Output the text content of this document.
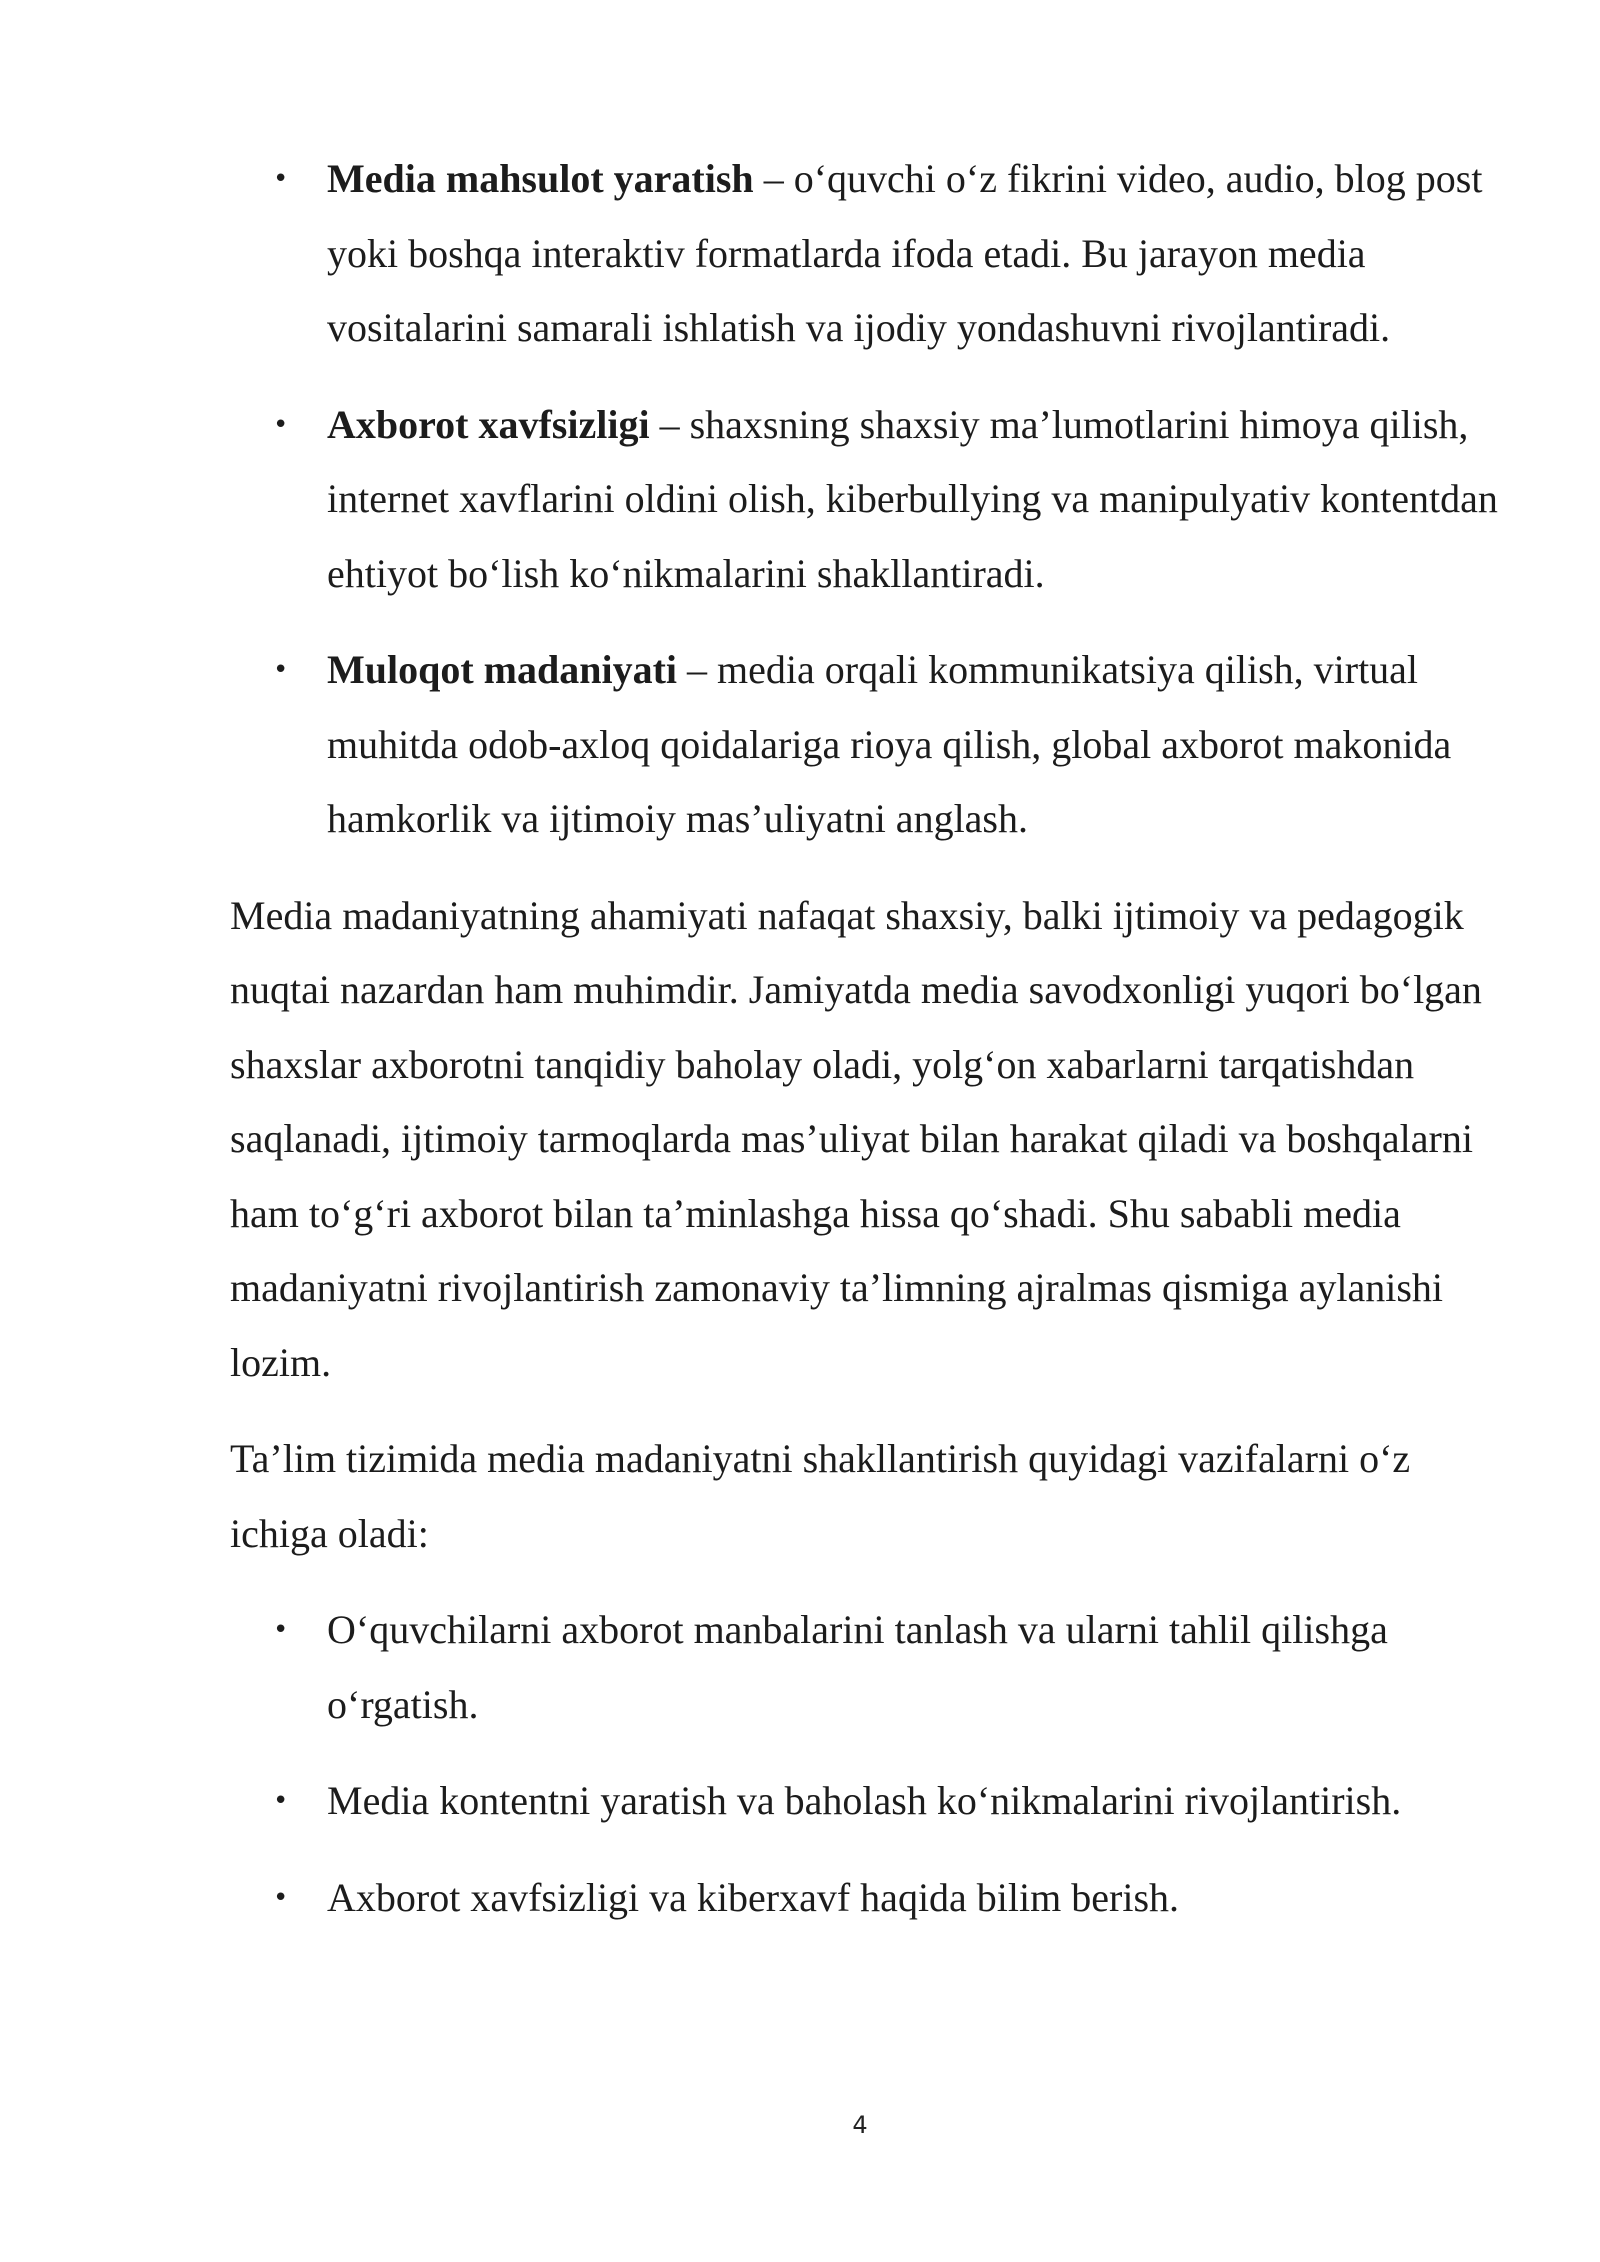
• Media mahsulot yaratish – o‘quvchi o‘z fikrini video, audio, blog post yoki boshqa interaktiv formatlarda ifoda etadi. Bu jarayon media vositalarini samarali ishlatish va ijodiy yondashuvni rivojlantiradi.
• Axborot xavfsizligi – shaxsning shaxsiy ma’lumotlarini himoya qilish, internet xavflarini oldini olish, kiberbullying va manipulyativ kontentdan ehtiyot bo‘lish ko‘nikmalarini shakllantiradi.
• Muloqot madaniyati – media orqali kommunikatsiya qilish, virtual muhitda odob-axloq qoidalariga rioya qilish, global axborot makonida hamkorlik va ijtimoiy mas’uliyatni anglash.

Media madaniyatning ahamiyati nafaqat shaxsiy, balki ijtimoiy va pedagogik nuqtai nazardan ham muhimdir. Jamiyatda media savodxonligi yuqori bo‘lgan shaxslar axborotni tanqidiy baholay oladi, yolg‘on xabarlarni tarqatishdan saqlanadi, ijtimoiy tarmoqlarda mas’uliyat bilan harakat qiladi va boshqalarni ham to‘g‘ri axborot bilan ta’minlashga hissa qo‘shadi. Shu sababli media madaniyatni rivojlantirish zamonaviy ta’limning ajralmas qismiga aylanishi lozim.

Ta’lim tizimida media madaniyatni shakllantirish quyidagi vazifalarni o‘z ichiga oladi:

• O‘quvchilarni axborot manbalarini tanlash va ularni tahlil qilishga o‘rgatish.
• Media kontentni yaratish va baholash ko‘nikmalarini rivojlantirish.
• Axborot xavfsizligi va kiberxavf haqida bilim berish.
4
